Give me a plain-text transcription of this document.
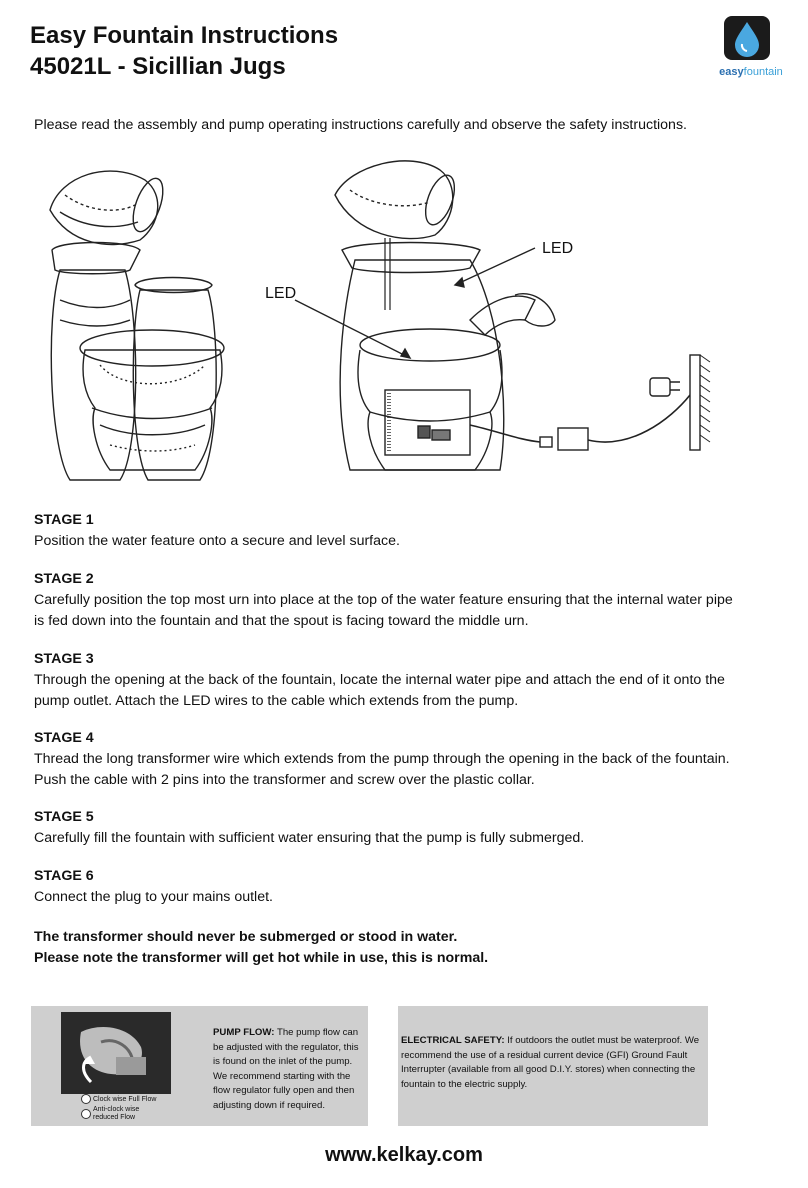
Easy Fountain Instructions
45021L - Sicillian Jugs	KELKAY
easyfountain
Please read the assembly and pump operating instructions carefully and observe the safety instructions.
LED
LED
STAGE 1
Position the water feature onto a secure and level surface.
STAGE 2
Carefully position the top most urn into place at the top of the water feature ensuring that the internal water pipe is fed down into the fountain and that the spout is facing toward the middle urn.
STAGE 3
Through the opening at the back of the fountain, locate the internal water pipe and attach the end of it onto the pump outlet. Attach the LED wires to the cable which extends from the pump.
STAGE 4
Thread the long transformer wire which extends from the pump through the opening in the back of the fountain. Push the cable with 2 pins into the transformer and screw over the plastic collar.
STAGE 5
Carefully fill the fountain with sufficient water ensuring that the pump is fully submerged.
STAGE 6
Connect the plug to your mains outlet.
The transformer should never be submerged or stood in water.
Please note the transformer will get hot while in use, this is normal.
Clock wise Full Flow
Anti-clock wise
reduced Flow
PUMP FLOW: The pump flow can be adjusted with the regulator, this is found on the inlet of the pump. We recommend starting with the flow regulator fully open and then adjusting down if required.
ELECTRICAL SAFETY: If outdoors the outlet must be waterproof. We recommend the use of a residual current device (GFI) Ground Fault Interrupter (available from all good D.I.Y. stores) when connecting the fountain to the electric supply.
www.kelkay.com
